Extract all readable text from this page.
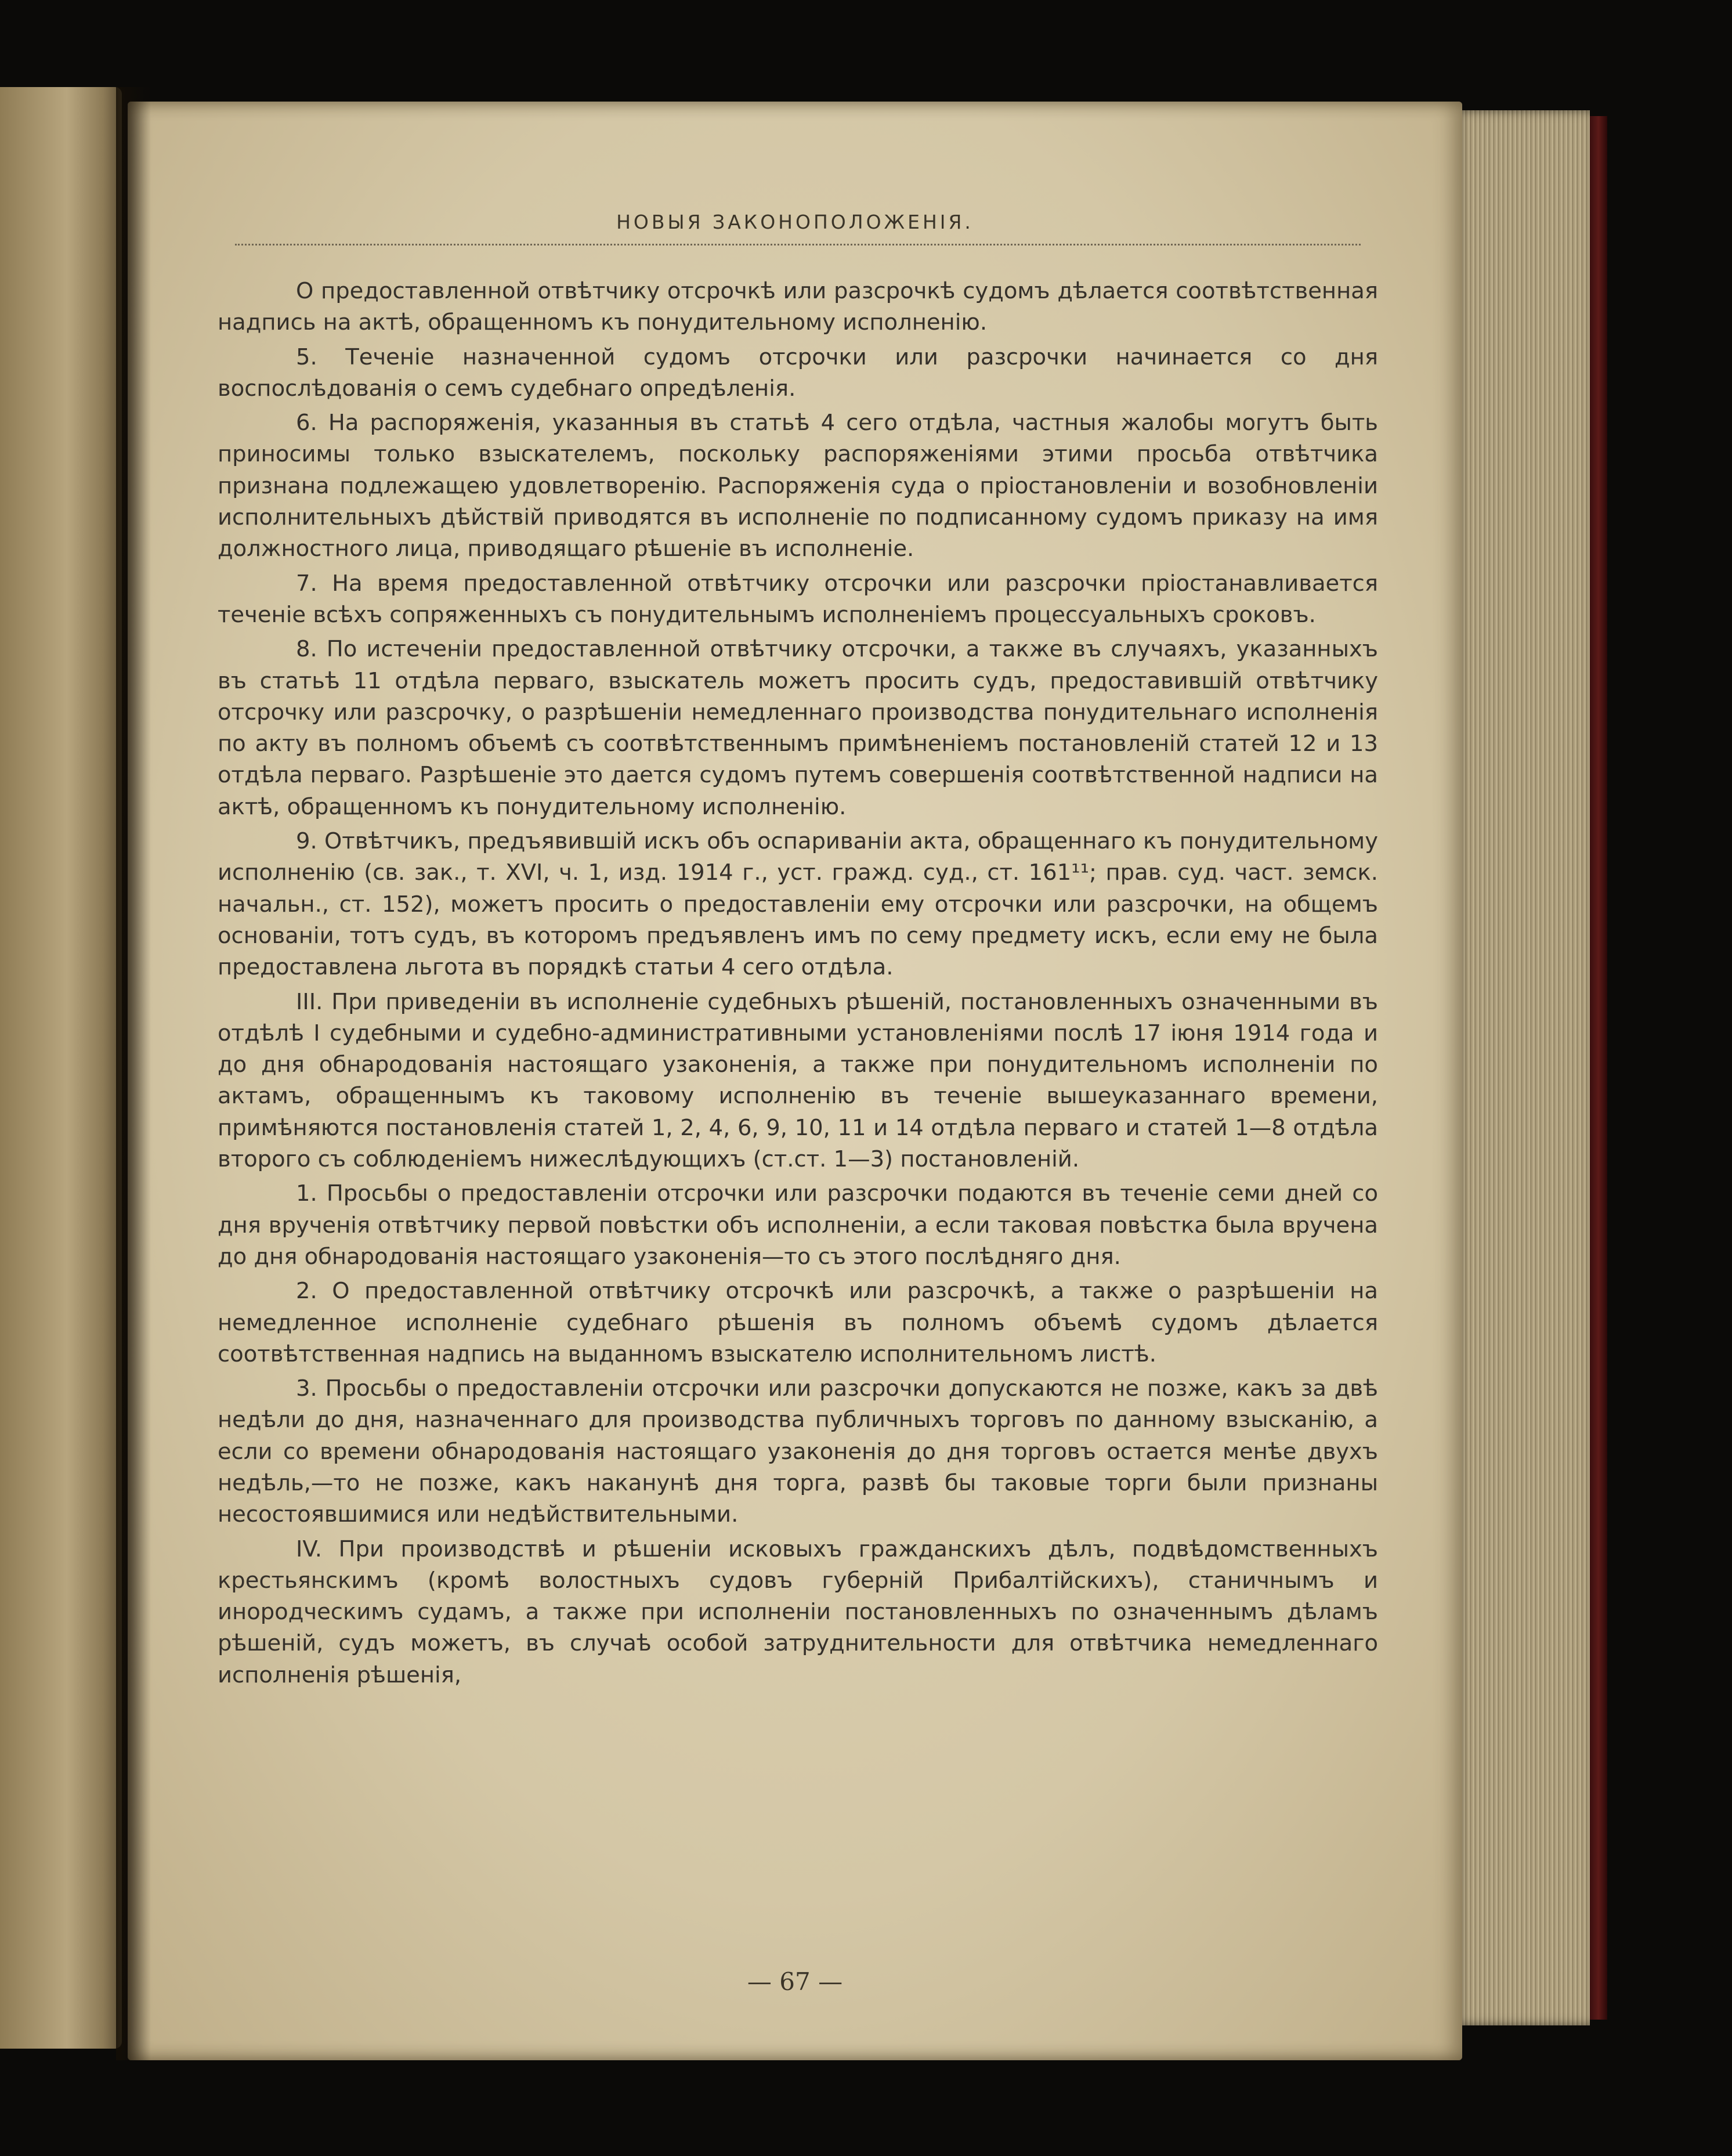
НОВЫЯ ЗАКОНОПОЛОЖЕНІЯ.

О предоставленной отвѣтчику отсрочкѣ или разсрочкѣ судомъ дѣлается соотвѣтственная надпись на актѣ, обращенномъ къ понудительному исполненію.

5. Теченіе назначенной судомъ отсрочки или разсрочки начинается со дня воспослѣдованія о семъ судебнаго опредѣленія.

6. На распоряженія, указанныя въ статьѣ 4 сего отдѣла, частныя жалобы могутъ быть приносимы только взыскателемъ, поскольку распоряженіями этими просьба отвѣтчика признана подлежащею удовлетворенію. Распоряженія суда о пріостановленіи и возобновленіи исполнительныхъ дѣйствій приводятся въ исполненіе по подписанному судомъ приказу на имя должностного лица, приводящаго рѣшеніе въ исполненіе.

7. На время предоставленной отвѣтчику отсрочки или разсрочки пріостанавливается теченіе всѣхъ сопряженныхъ съ понудительнымъ исполненіемъ процессуальныхъ сроковъ.

8. По истеченіи предоставленной отвѣтчику отсрочки, а также въ случаяхъ, указанныхъ въ статьѣ 11 отдѣла перваго, взыскатель можетъ просить судъ, предоставившій отвѣтчику отсрочку или разсрочку, о разрѣшеніи немедленнаго производства понудительнаго исполненія по акту въ полномъ объемѣ съ соотвѣтственнымъ примѣненіемъ постановленій статей 12 и 13 отдѣла перваго. Разрѣшеніе это дается судомъ путемъ совершенія соотвѣтственной надписи на актѣ, обращенномъ къ понудительному исполненію.

9. Отвѣтчикъ, предъявившій искъ объ оспариваніи акта, обращеннаго къ понудительному исполненію (св. зак., т. XVI, ч. 1, изд. 1914 г., уст. гражд. суд., ст. 161¹¹; прав. суд. част. земск. начальн., ст. 152), можетъ просить о предоставленіи ему отсрочки или разсрочки, на общемъ основаніи, тотъ судъ, въ которомъ предъявленъ имъ по сему предмету искъ, если ему не была предоставлена льгота въ порядкѣ статьи 4 сего отдѣла.

III. При приведеніи въ исполненіе судебныхъ рѣшеній, постановленныхъ означенными въ отдѣлѣ I судебными и судебно-административными установленіями послѣ 17 іюня 1914 года и до дня обнародованія настоящаго узаконенія, а также при понудительномъ исполненіи по актамъ, обращеннымъ къ таковому исполненію въ теченіе вышеуказаннаго времени, примѣняются постановленія статей 1, 2, 4, 6, 9, 10, 11 и 14 отдѣла перваго и статей 1—8 отдѣла второго съ соблюденіемъ нижеслѣдующихъ (ст.ст. 1—3) постановленій.

1. Просьбы о предоставленіи отсрочки или разсрочки подаются въ теченіе семи дней со дня врученія отвѣтчику первой повѣстки объ исполненіи, а если таковая повѣстка была вручена до дня обнародованія настоящаго узаконенія—то съ этого послѣдняго дня.

2. О предоставленной отвѣтчику отсрочкѣ или разсрочкѣ, а также о разрѣшеніи на немедленное исполненіе судебнаго рѣшенія въ полномъ объемѣ судомъ дѣлается соотвѣтственная надпись на выданномъ взыскателю исполнительномъ листѣ.

3. Просьбы о предоставленіи отсрочки или разсрочки допускаются не позже, какъ за двѣ недѣли до дня, назначеннаго для производства публичныхъ торговъ по данному взысканію, а если со времени обнародованія настоящаго узаконенія до дня торговъ остается менѣе двухъ недѣль,—то не позже, какъ наканунѣ дня торга, развѣ бы таковые торги были признаны несостоявшимися или недѣйствительными.

IV. При производствѣ и рѣшеніи исковыхъ гражданскихъ дѣлъ, подвѣдомственныхъ крестьянскимъ (кромѣ волостныхъ судовъ губерній Прибалтійскихъ), станичнымъ и инородческимъ судамъ, а также при исполненіи постановленныхъ по означеннымъ дѣламъ рѣшеній, судъ можетъ, въ случаѣ особой затруднительности для отвѣтчика немедленнаго исполненія рѣшенія,

— 67 —
